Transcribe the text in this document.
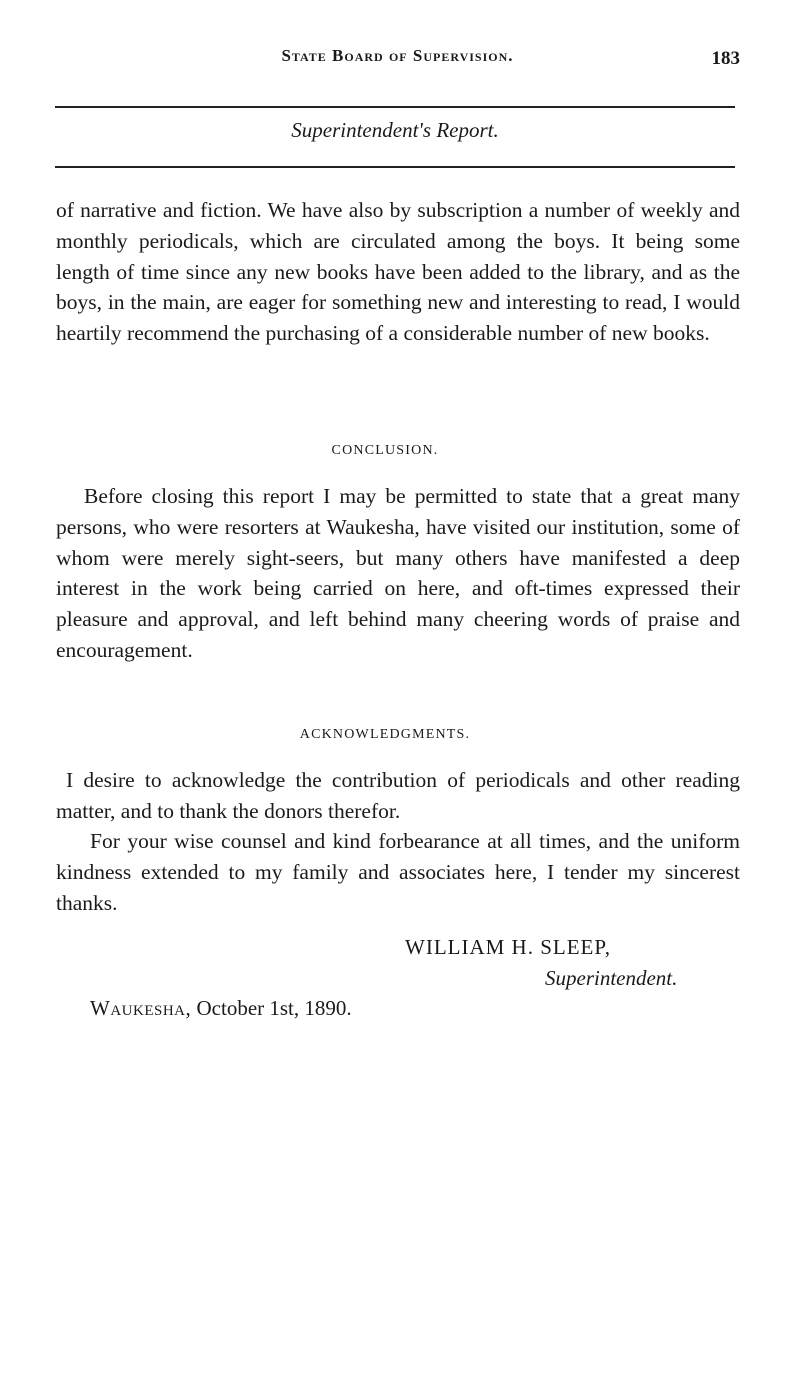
State Board of Supervision.	183
Superintendent's Report.

of narrative and fiction. We have also by subscription a number of weekly and monthly periodicals, which are circulated among the boys. It being some length of time since any new books have been added to the library, and as the boys, in the main, are eager for something new and interesting to read, I would heartily recommend the purchasing of a considerable number of new books.

CONCLUSION.

Before closing this report I may be permitted to state that a great many persons, who were resorters at Waukesha, have visited our institution, some of whom were merely sight-seers, but many others have manifested a deep interest in the work being carried on here, and oft-times expressed their pleasure and approval, and left behind many cheering words of praise and encouragement.

ACKNOWLEDGMENTS.

I desire to acknowledge the contribution of periodicals and other reading matter, and to thank the donors therefor.

For your wise counsel and kind forbearance at all times, and the uniform kindness extended to my family and associates here, I tender my sincerest thanks.

WILLIAM H. SLEEP,
Superintendent.
Waukesha, October 1st, 1890.
